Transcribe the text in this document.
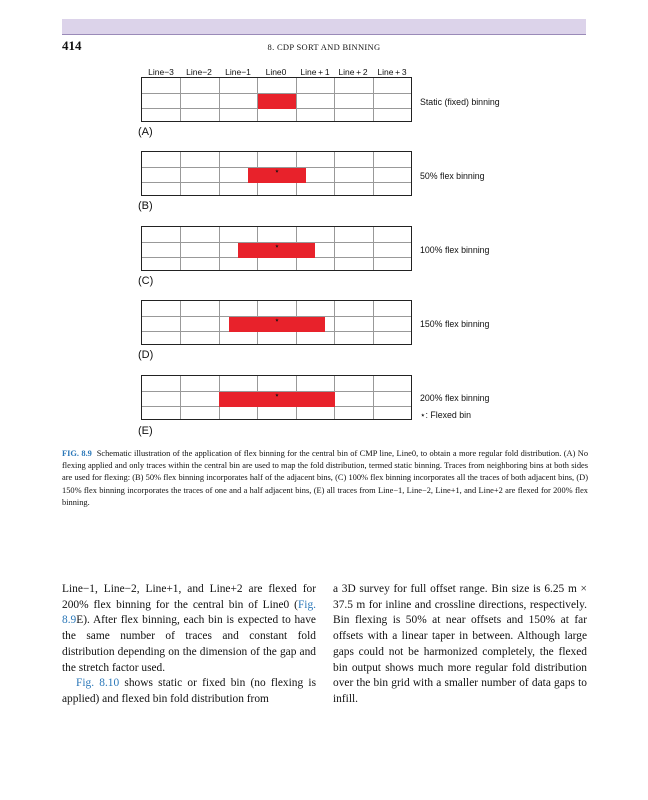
414	8. CDP SORT AND BINNING
Line−3 Line−2 Line−1 Line0 Line + 1 Line + 2 Line + 3
Static (fixed) binning
(A)
⋆	50% flex binning
(B)
⋆	100% flex binning
(C)
⋆	150% flex binning
(D)
⋆	200% flex binning
⋆: Flexed bin
(E)
FIG. 8.9 Schematic illustration of the application of flex binning for the central bin of CMP line, Line0, to obtain a more regular fold distribution. (A) No flexing applied and only traces within the central bin are used to map the fold distribution, termed static binning. Traces from neighboring bins at both sides are used for flexing: (B) 50% flex binning incorporates half of the adjacent bins, (C) 100% flex binning incorporates all the traces of both adjacent bins, (D) 150% flex binning incorporates the traces of one and a half adjacent bins, (E) all traces from Line−1, Line−2, Line+1, and Line+2 are flexed for 200% flex binning.

Line−1, Line−2, Line+1, and Line+2 are flexed for 200% flex binning for the central bin of Line0 (Fig. 8.9E). After flex binning, each bin is expected to have the same number of traces and constant fold distribution depending on the dimension of the gap and the stretch factor used.

Fig. 8.10 shows static or fixed bin (no flexing is applied) and flexed bin fold distribution from

a 3D survey for full offset range. Bin size is 6.25 m × 37.5 m for inline and crossline directions, respectively. Bin flexing is 50% at near offsets and 150% at far offsets with a linear taper in between. Although large gaps could not be harmonized completely, the flexed bin output shows much more regular fold distribution over the bin grid with a smaller number of data gaps to infill.
